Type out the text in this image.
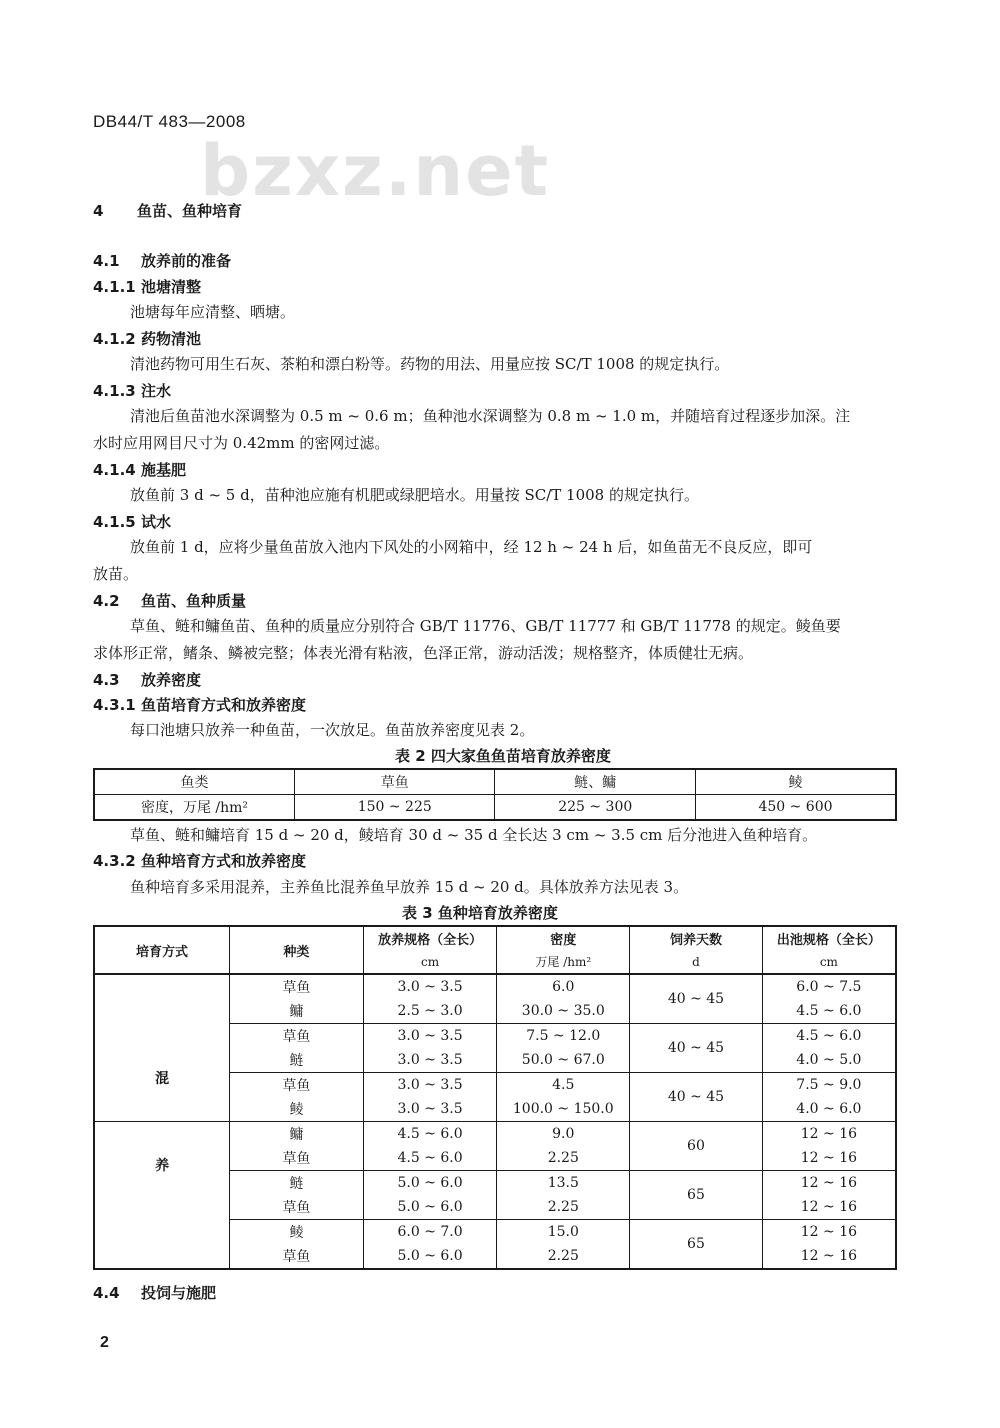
DB44/T 483—2008
bzxz.net
4 鱼苗、鱼种培育
4.1 放养前的准备
4.1.1 池塘清整
池塘每年应清整、晒塘。
4.1.2 药物清池
清池药物可用生石灰、茶粕和漂白粉等。药物的用法、用量应按 SC/T 1008 的规定执行。
4.1.3 注水
清池后鱼苗池水深调整为 0.5 m ~ 0.6 m；鱼种池水深调整为 0.8 m ~ 1.0 m，并随培育过程逐步加深。注
水时应用网目尺寸为 0.42mm 的密网过滤。
4.1.4 施基肥
放鱼前 3 d ~ 5 d，苗种池应施有机肥或绿肥培水。用量按 SC/T 1008 的规定执行。
4.1.5 试水
放鱼前 1 d，应将少量鱼苗放入池内下风处的小网箱中，经 12 h ~ 24 h 后，如鱼苗无不良反应，即可
放苗。
4.2 鱼苗、鱼种质量
草鱼、鲢和鳙鱼苗、鱼种的质量应分别符合 GB/T 11776、GB/T 11777 和 GB/T 11778 的规定。鲮鱼要
求体形正常，鳍条、鳞被完整；体表光滑有粘液，色泽正常，游动活泼；规格整齐，体质健壮无病。
4.3 放养密度
4.3.1 鱼苗培育方式和放养密度
每口池塘只放养一种鱼苗，一次放足。鱼苗放养密度见表 2。
表 2 四大家鱼鱼苗培育放养密度
鱼类	草鱼	鲢、鳙	鲮
密度，万尾 /hm²	150 ~ 225	225 ~ 300	450 ~ 600
草鱼、鲢和鳙培育 15 d ~ 20 d，鲮培育 30 d ~ 35 d 全长达 3 cm ~ 3.5 cm 后分池进入鱼种培育。
4.3.2 鱼种培育方式和放养密度
鱼种培育多采用混养，主养鱼比混养鱼早放养 15 d ~ 20 d。具体放养方法见表 3。
表 3 鱼种培育放养密度
培育方式	种类	放养规格（全长）	密度	饲养天数	出池规格（全长）
		cm	万尾 /hm²	d	cm

混	草鱼	3.0 ~ 3.5	6.0	40 ~ 45	6.0 ~ 7.5
	鳙	2.5 ~ 3.0	30.0 ~ 35.0		4.5 ~ 6.0
	草鱼	3.0 ~ 3.5	7.5 ~ 12.0	40 ~ 45	4.5 ~ 6.0
	鲢	3.0 ~ 3.5	50.0 ~ 67.0		4.0 ~ 5.0
	草鱼	3.0 ~ 3.5	4.5	40 ~ 45	7.5 ~ 9.0
	鲮	3.0 ~ 3.5	100.0 ~ 150.0		4.0 ~ 6.0

养	鳙	4.5 ~ 6.0	9.0	60	12 ~ 16
	草鱼	4.5 ~ 6.0	2.25		12 ~ 16
	鲢	5.0 ~ 6.0	13.5	65	12 ~ 16
	草鱼	5.0 ~ 6.0	2.25		12 ~ 16
	鲮	6.0 ~ 7.0	15.0	65	12 ~ 16
	草鱼	5.0 ~ 6.0	2.25		12 ~ 16
4.4 投饲与施肥
2
